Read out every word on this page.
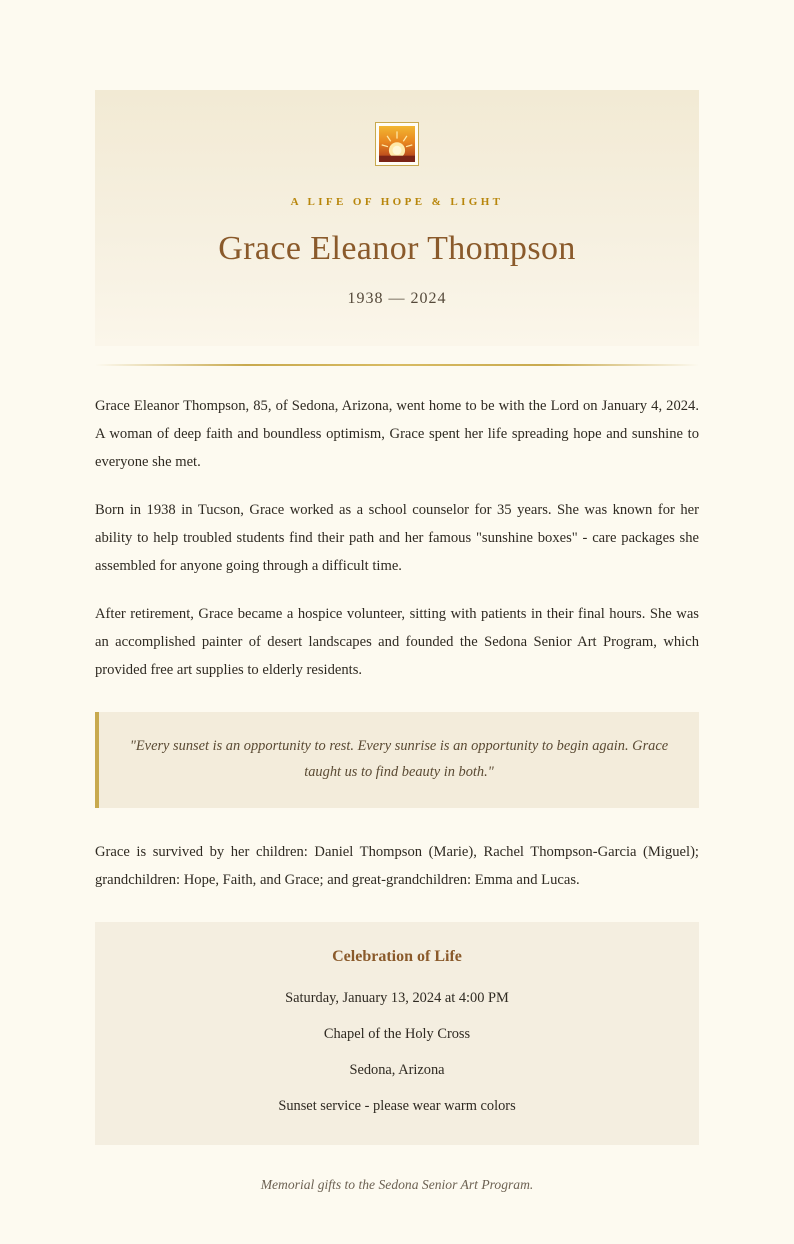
A LIFE OF HOPE & LIGHT
Grace Eleanor Thompson
1938 — 2024

Grace Eleanor Thompson, 85, of Sedona, Arizona, went home to be with the Lord on January 4, 2024. A woman of deep faith and boundless optimism, Grace spent her life spreading hope and sunshine to everyone she met.

Born in 1938 in Tucson, Grace worked as a school counselor for 35 years. She was known for her ability to help troubled students find their path and her famous "sunshine boxes" - care packages she assembled for anyone going through a difficult time.

After retirement, Grace became a hospice volunteer, sitting with patients in their final hours. She was an accomplished painter of desert landscapes and founded the Sedona Senior Art Program, which provided free art supplies to elderly residents.

"Every sunset is an opportunity to rest. Every sunrise is an opportunity to begin again. Grace taught us to find beauty in both."

Grace is survived by her children: Daniel Thompson (Marie), Rachel Thompson-Garcia (Miguel); grandchildren: Hope, Faith, and Grace; and great-grandchildren: Emma and Lucas.

Celebration of Life
Saturday, January 13, 2024 at 4:00 PM
Chapel of the Holy Cross
Sedona, Arizona
Sunset service - please wear warm colors
Memorial gifts to the Sedona Senior Art Program.
